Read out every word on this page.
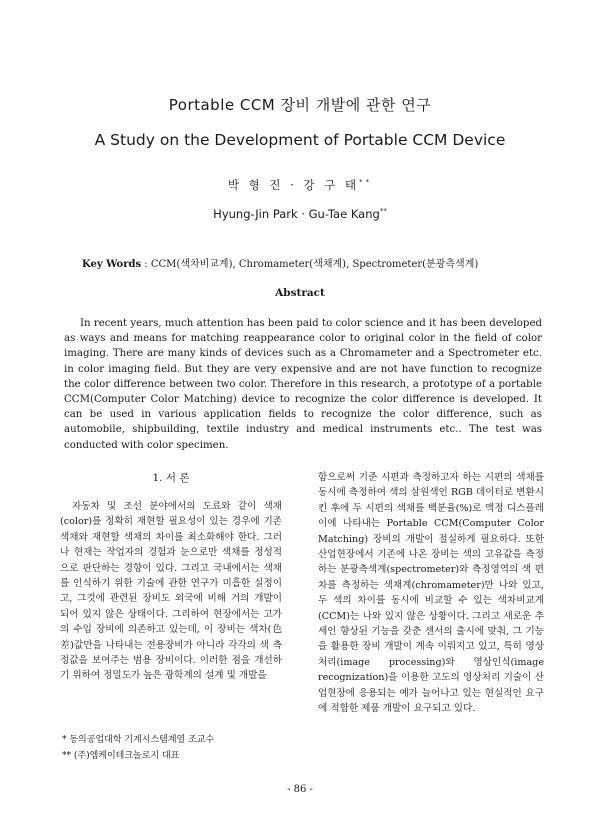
Portable CCM 장비 개발에 관한 연구
A Study on the Development of Portable CCM Device
박 형 진 · 강 구 태**
Hyung-Jin Park · Gu-Tae Kang**
Key Words : CCM(색차비교계), Chromameter(색채계), Spectrometer(분광측색계)
Abstract

In recent years, much attention has been paid to color science and it has been developed as ways and means for matching reappearance color to original color in the field of color imaging. There are many kinds of devices such as a Chromameter and a Spectrometer etc. in color imaging field. But they are very expensive and are not have function to recognize the color difference between two color. Therefore in this research, a prototype of a portable CCM(Computer Color Matching) device to recognize the color difference is developed. It can be used in various application fields to recognize the color difference, such as automobile, shipbuilding, textile industry and medical instruments etc.. The test was conducted with color specimen.

1. 서 론

자동차 및 조선 분야에서의 도료와 같이 색채(color)를 정확히 재현할 필요성이 있는 경우에 기존 색채와 재현할 색채의 차이를 최소화해야 한다. 그러나 현재는 작업자의 경험과 눈으로만 색채를 정성적으로 판단하는 경향이 있다. 그리고 국내에서는 색채를 인식하기 위한 기술에 관한 연구가 미흡한 실정이고, 그것에 관련된 장비도 외국에 비해 거의 개발이 되어 있지 않은 상태이다. 그리하여 현장에서는 고가의 수입 장비에 의존하고 있는데, 이 장비는 색차(色差)값만을 나타내는 전용장비가 아니라 각각의 색 측정값을 보여주는 범용 장비이다. 이러한 점을 개선하기 위하여 정밀도가 높은 광학계의 설계 및 개발을

함으로써 기준 시편과 측정하고자 하는 시편의 색채를 동시에 측정하여 색의 삼원색인 RGB 데이터로 변환시킨 후에 두 시편의 색채를 백분율(%)로 액정 디스플레이에 나타내는 Portable CCM(Computer Color Matching) 장비의 개발이 절실하게 필요하다. 또한 산업현장에서 기존에 나온 장비는 색의 고유값을 측정하는 분광측색계(spectrometer)와 측정영역의 색 편차를 측정하는 색채계(chromameter)만 나와 있고, 두 색의 차이를 동시에 비교할 수 있는 색차비교계(CCM)는 나와 있지 않은 상황이다. 그리고 새로운 추세인 향상된 기능을 갖춘 센서의 출시에 맞춰, 그 기능을 활용한 장비 개발이 계속 이뤄지고 있고, 특히 영상처리(image processing)와 영상인식(image recognization)을 이용한 고도의 영상처리 기술이 산업현장에 응용되는 예가 늘어나고 있는 현실적인 요구에 적합한 제품 개발이 요구되고 있다.

* 동의공업대학 기계시스템계열 조교수
** (주)엠케이테크놀로지 대표
- 86 -
